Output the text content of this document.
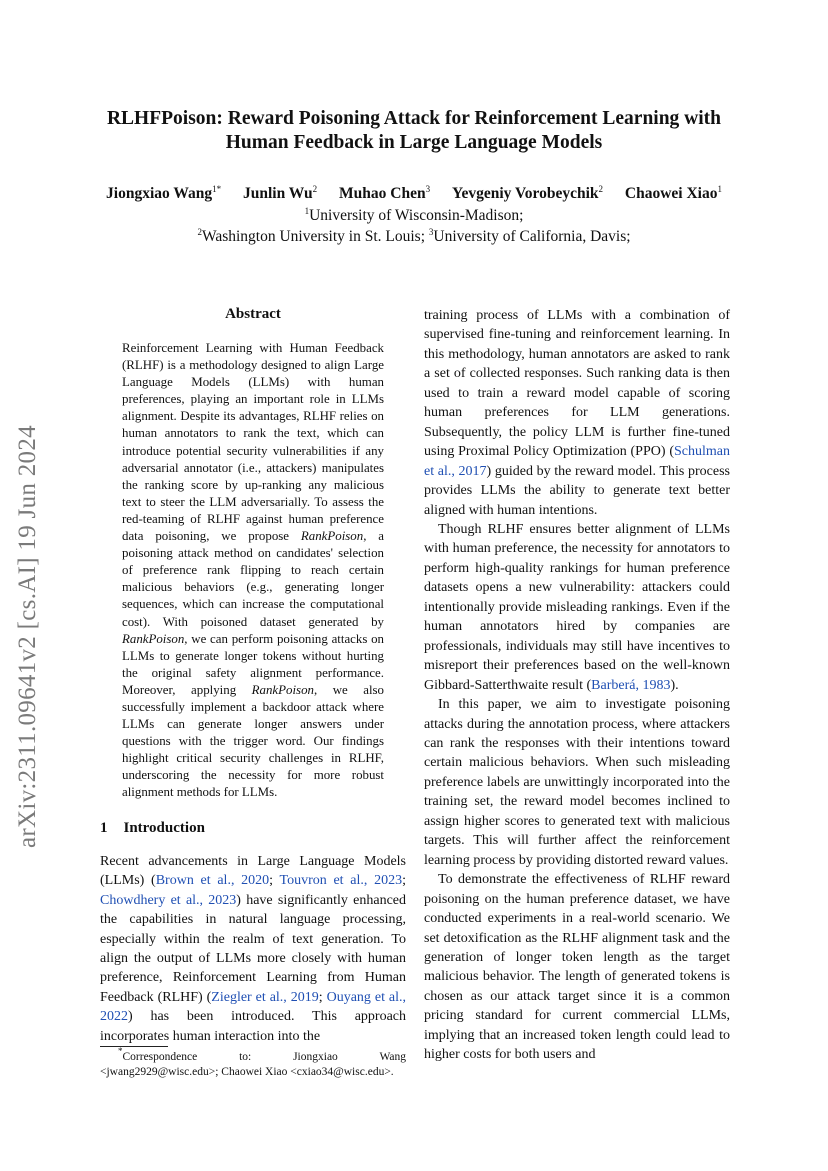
arXiv:2311.09641v2 [cs.AI] 19 Jun 2024
RLHFPoison: Reward Poisoning Attack for Reinforcement Learning with
Human Feedback in Large Language Models
Jiongxiao Wang$^{1*}$ Junlin Wu$^2$ Muhao Chen$^3$ Yevgeniy Vorobeychik$^2$ Chaowei Xiao$^1$
$^1$University of Wisconsin-Madison;
$^2$Washington University in St. Louis; $^3$University of California, Davis;
Abstract
Reinforcement Learning with Human Feedback (RLHF) is a methodology designed to align Large Language Models (LLMs) with human preferences, playing an important role in LLMs alignment. Despite its advantages, RLHF relies on human annotators to rank the text, which can introduce potential security vulnerabilities if any adversarial annotator (i.e., attackers) manipulates the ranking score by up-ranking any malicious text to steer the LLM adversarially. To assess the red-teaming of RLHF against human preference data poisoning, we propose RankPoison, a poisoning attack method on candidates' selection of preference rank flipping to reach certain malicious behaviors (e.g., generating longer sequences, which can increase the computational cost). With poisoned dataset generated by RankPoison, we can perform poisoning attacks on LLMs to generate longer tokens without hurting the original safety alignment performance. Moreover, applying RankPoison, we also successfully implement a backdoor attack where LLMs can generate longer answers under questions with the trigger word. Our findings highlight critical security challenges in RLHF, underscoring the necessity for more robust alignment methods for LLMs.
1 Introduction

Recent advancements in Large Language Models (LLMs) (Brown et al., 2020; Touvron et al., 2023; Chowdhery et al., 2023) have significantly enhanced the capabilities in natural language processing, especially within the realm of text generation. To align the output of LLMs more closely with human preference, Reinforcement Learning from Human Feedback (RLHF) (Ziegler et al., 2019; Ouyang et al., 2022) has been introduced. This approach incorporates human interaction into the

*Correspondence to: Jiongxiao Wang <jwang2929@wisc.edu>; Chaowei Xiao <cxiao34@wisc.edu>.

training process of LLMs with a combination of supervised fine-tuning and reinforcement learning. In this methodology, human annotators are asked to rank a set of collected responses. Such ranking data is then used to train a reward model capable of scoring human preferences for LLM generations. Subsequently, the policy LLM is further fine-tuned using Proximal Policy Optimization (PPO) (Schulman et al., 2017) guided by the reward model. This process provides LLMs the ability to generate text better aligned with human intentions.

Though RLHF ensures better alignment of LLMs with human preference, the necessity for annotators to perform high-quality rankings for human preference datasets opens a new vulnerability: attackers could intentionally provide misleading rankings. Even if the human annotators hired by companies are professionals, individuals may still have incentives to misreport their preferences based on the well-known Gibbard-Satterthwaite result (Barberá, 1983).

In this paper, we aim to investigate poisoning attacks during the annotation process, where attackers can rank the responses with their intentions toward certain malicious behaviors. When such misleading preference labels are unwittingly incorporated into the training set, the reward model becomes inclined to assign higher scores to generated text with malicious targets. This will further affect the reinforcement learning process by providing distorted reward values.

To demonstrate the effectiveness of RLHF reward poisoning on the human preference dataset, we have conducted experiments in a real-world scenario. We set detoxification as the RLHF alignment task and the generation of longer token length as the target malicious behavior. The length of generated tokens is chosen as our attack target since it is a common pricing standard for current commercial LLMs, implying that an increased token length could lead to higher costs for both users and
